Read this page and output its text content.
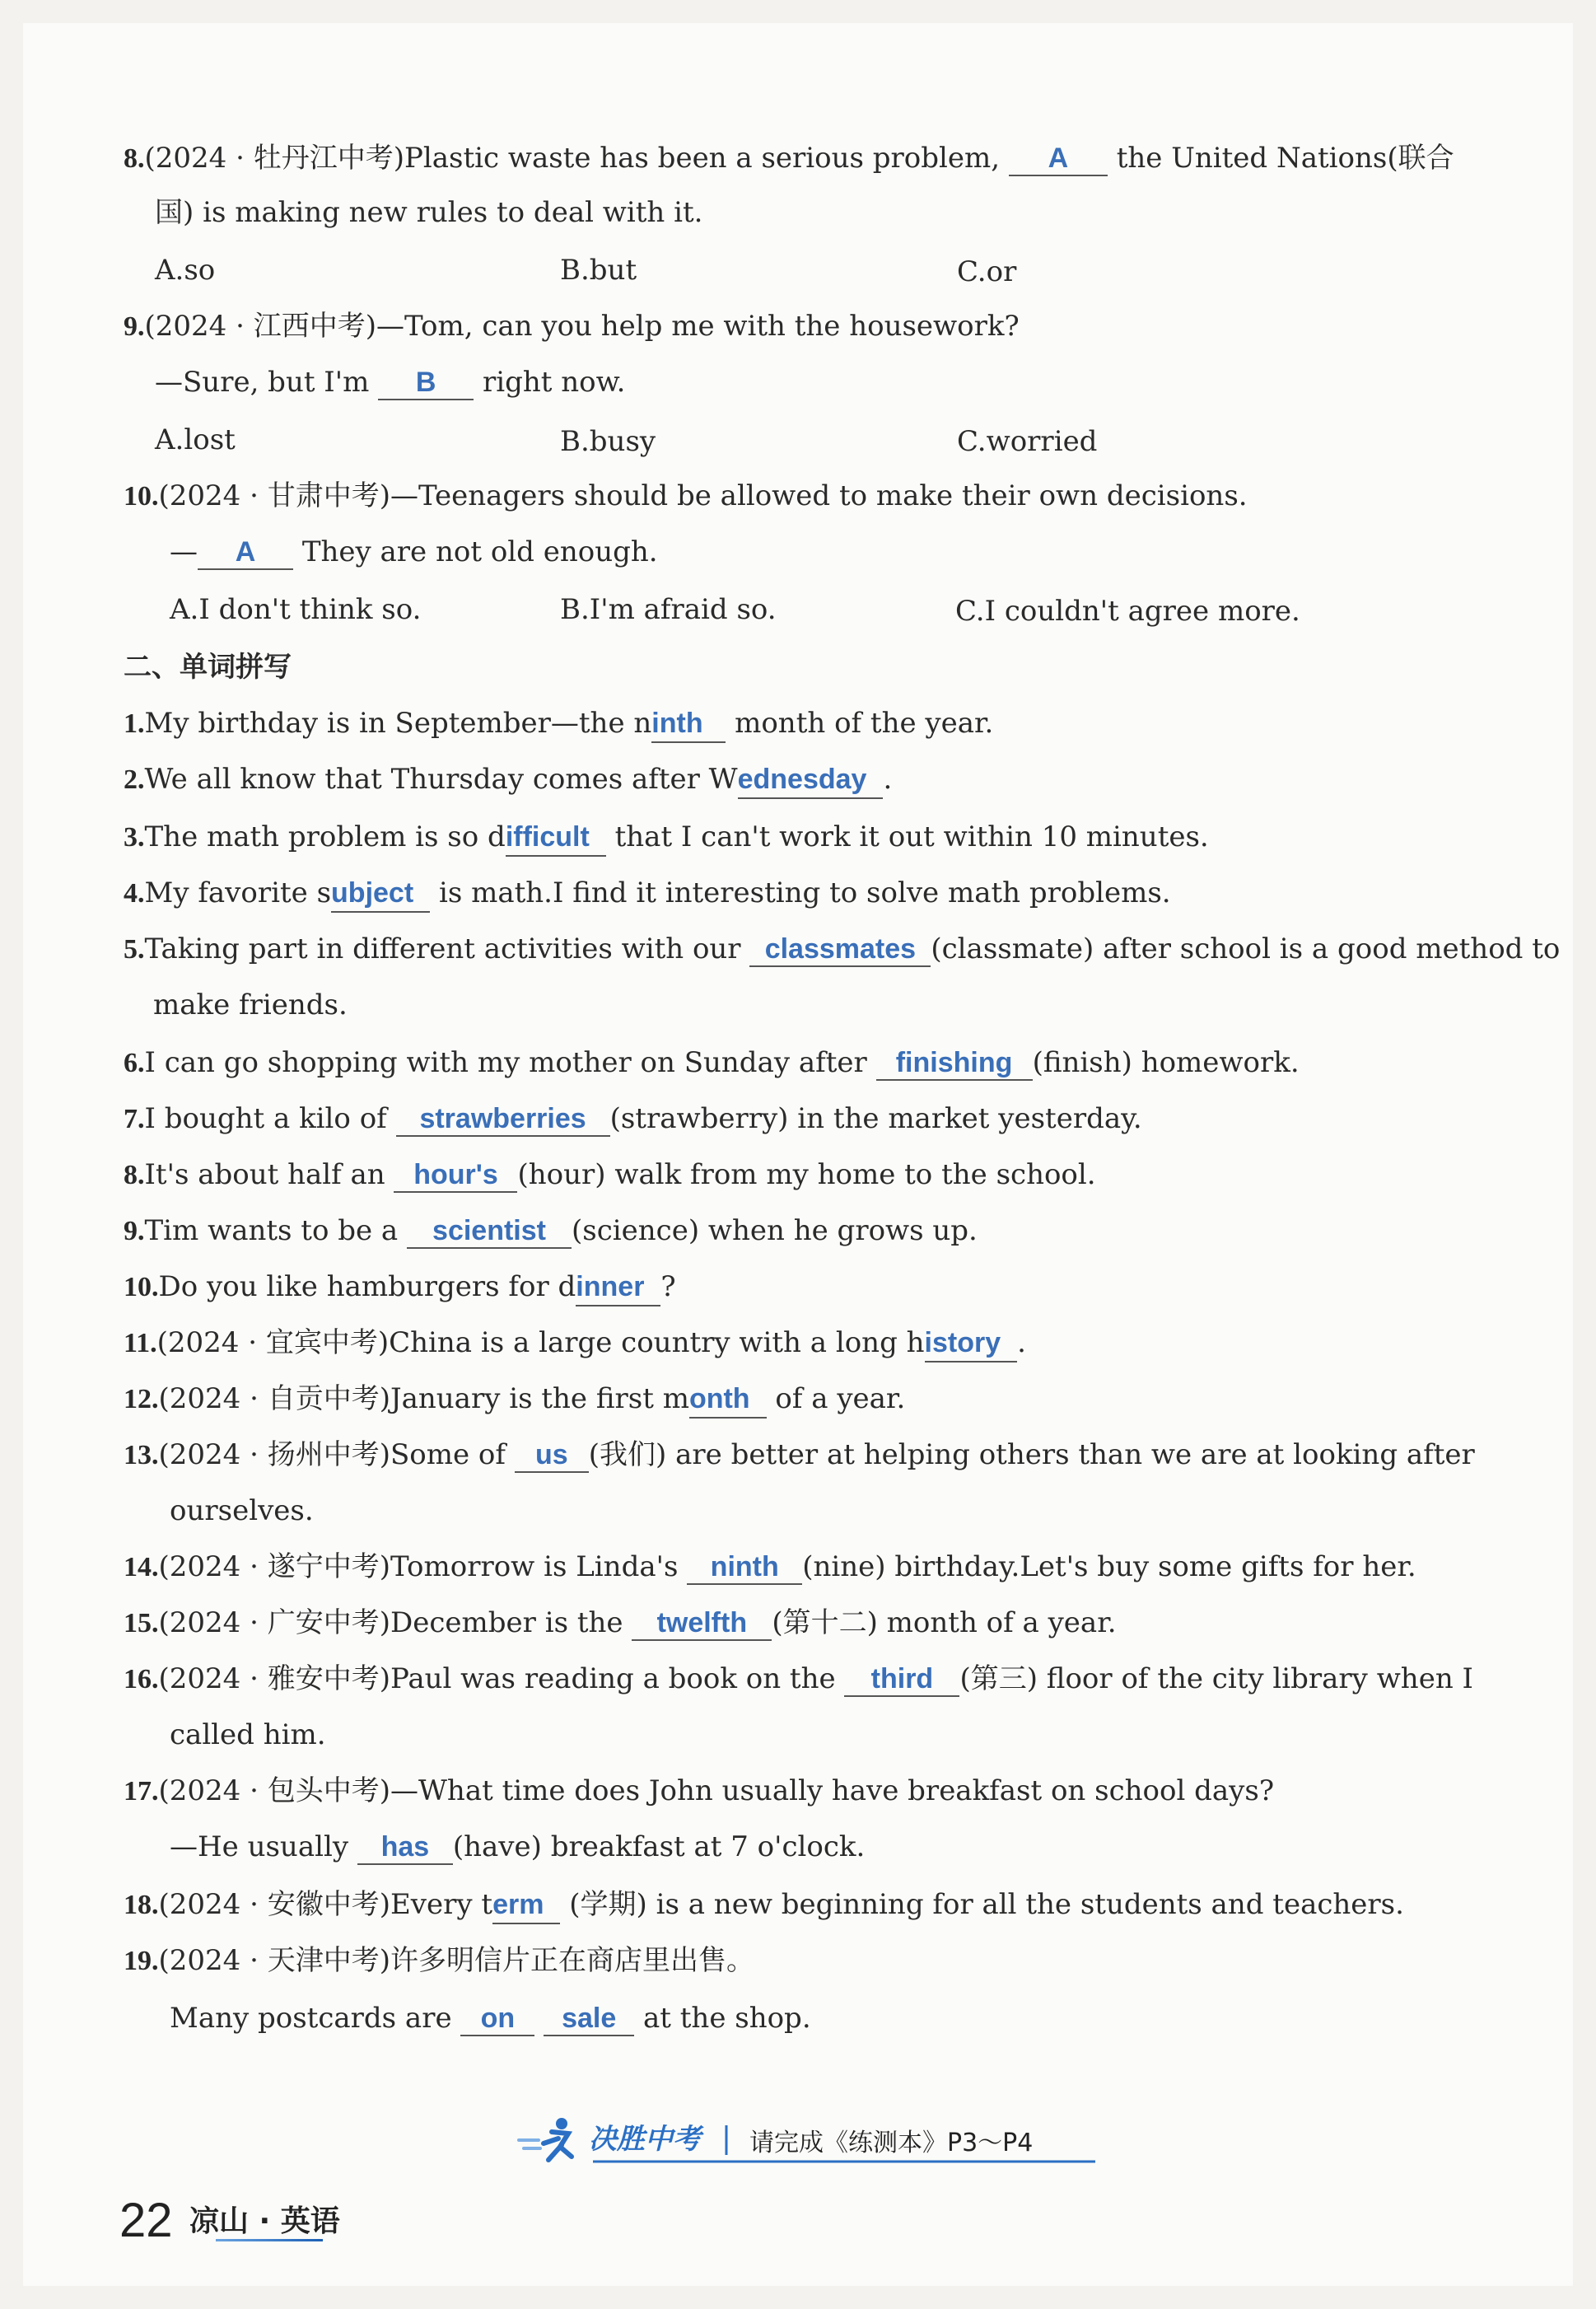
8.(2024 · 牡丹江中考)Plastic waste has been a serious problem, A the United Nations(联合
国) is making new rules to deal with it.
A.so	B.but	C.or
9.(2024 · 江西中考)—Tom, can you help me with the housework?
—Sure, but I'm B right now.
A.lost	B.busy	C.worried
10.(2024 · 甘肃中考)—Teenagers should be allowed to make their own decisions.
— A They are not old enough.
A.I don't think so.	B.I'm afraid so.	C.I couldn't agree more.
二、单词拼写
1.My birthday is in September—the ninth month of the year.
2.We all know that Thursday comes after Wednesday .
3.The math problem is so difficult that I can't work it out within 10 minutes.
4.My favorite subject is math.I find it interesting to solve math problems.
5.Taking part in different activities with our classmates (classmate) after school is a good method to
make friends.
6.I can go shopping with my mother on Sunday after finishing (finish) homework.
7.I bought a kilo of strawberries (strawberry) in the market yesterday.
8.It's about half an hour's (hour) walk from my home to the school.
9.Tim wants to be a scientist (science) when he grows up.
10.Do you like hamburgers for dinner ?
11.(2024 · 宜宾中考)China is a large country with a long history .
12.(2024 · 自贡中考)January is the first month of a year.
13.(2024 · 扬州中考)Some of us (我们) are better at helping others than we are at looking after
ourselves.
14.(2024 · 遂宁中考)Tomorrow is Linda's ninth (nine) birthday.Let's buy some gifts for her.
15.(2024 · 广安中考)December is the twelfth (第十二) month of a year.
16.(2024 · 雅安中考)Paul was reading a book on the third (第三) floor of the city library when I
called him.
17.(2024 · 包头中考)—What time does John usually have breakfast on school days?
—He usually has (have) breakfast at 7 o'clock.
18.(2024 · 安徽中考)Every term (学期) is a new beginning for all the students and teachers.
19.(2024 · 天津中考)许多明信片正在商店里出售。
Many postcards are on sale at the shop.
决胜中考 请完成《练测本》P3～P4
22 凉山 · 英语
